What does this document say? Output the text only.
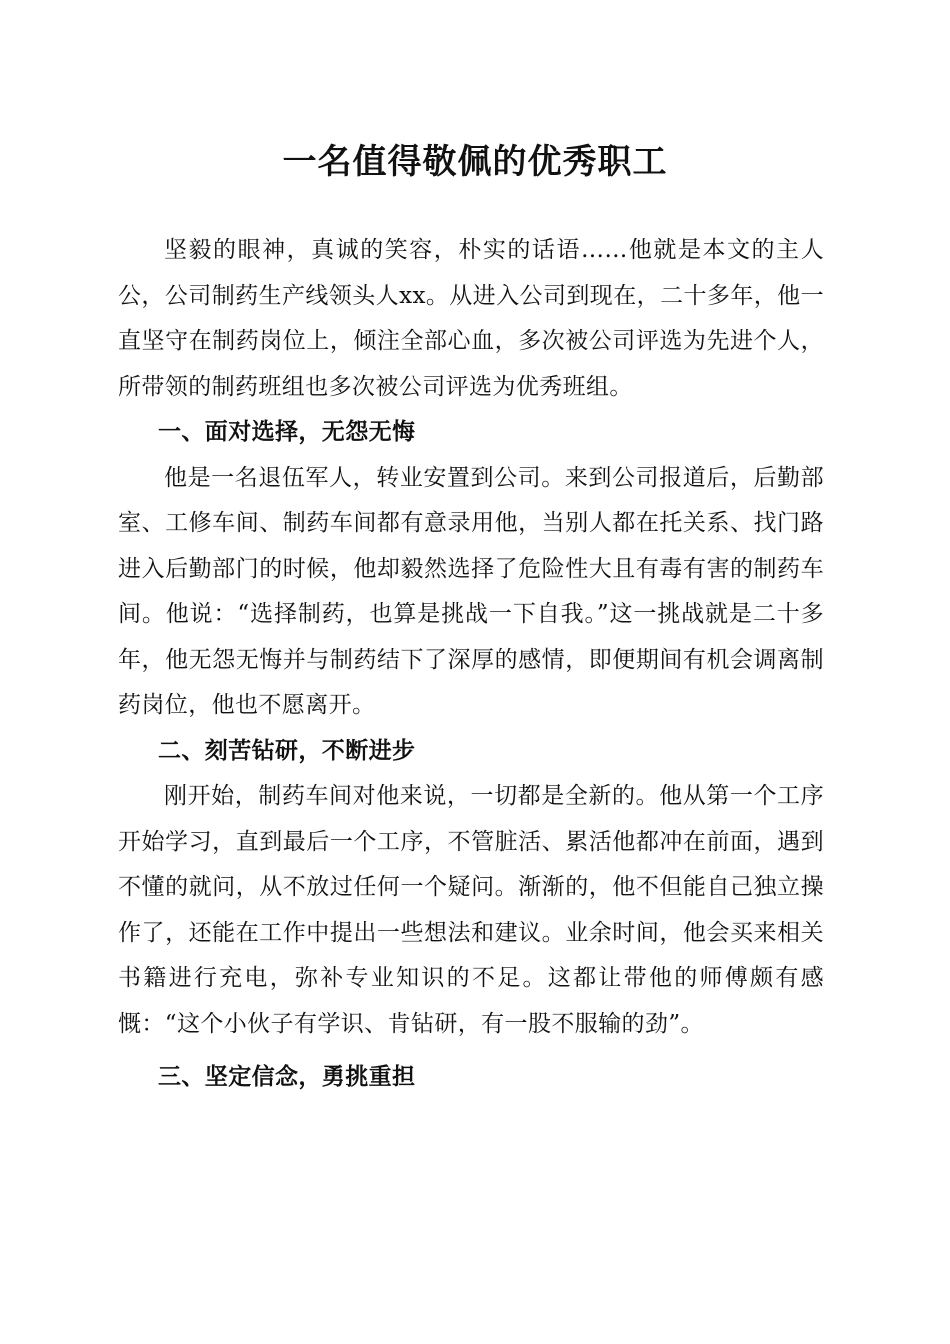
一名值得敬佩的优秀职工

坚毅的眼神，真诚的笑容，朴实的话语……他就是本文的主人公，公司制药生产线领头人xx。从进入公司到现在，二十多年，他一直坚守在制药岗位上，倾注全部心血，多次被公司评选为先进个人，所带领的制药班组也多次被公司评选为优秀班组。

一、面对选择，无怨无悔

他是一名退伍军人，转业安置到公司。来到公司报道后，后勤部室、工修车间、制药车间都有意录用他，当别人都在托关系、找门路进入后勤部门的时候，他却毅然选择了危险性大且有毒有害的制药车间。他说：“选择制药，也算是挑战一下自我。”这一挑战就是二十多年，他无怨无悔并与制药结下了深厚的感情，即便期间有机会调离制药岗位，他也不愿离开。

二、刻苦钻研，不断进步

刚开始，制药车间对他来说，一切都是全新的。他从第一个工序开始学习，直到最后一个工序，不管脏活、累活他都冲在前面，遇到不懂的就问，从不放过任何一个疑问。渐渐的，他不但能自己独立操作了，还能在工作中提出一些想法和建议。业余时间，他会买来相关书籍进行充电，弥补专业知识的不足。这都让带他的师傅颇有感慨：“这个小伙子有学识、肯钻研，有一股不服输的劲”。

三、坚定信念，勇挑重担
